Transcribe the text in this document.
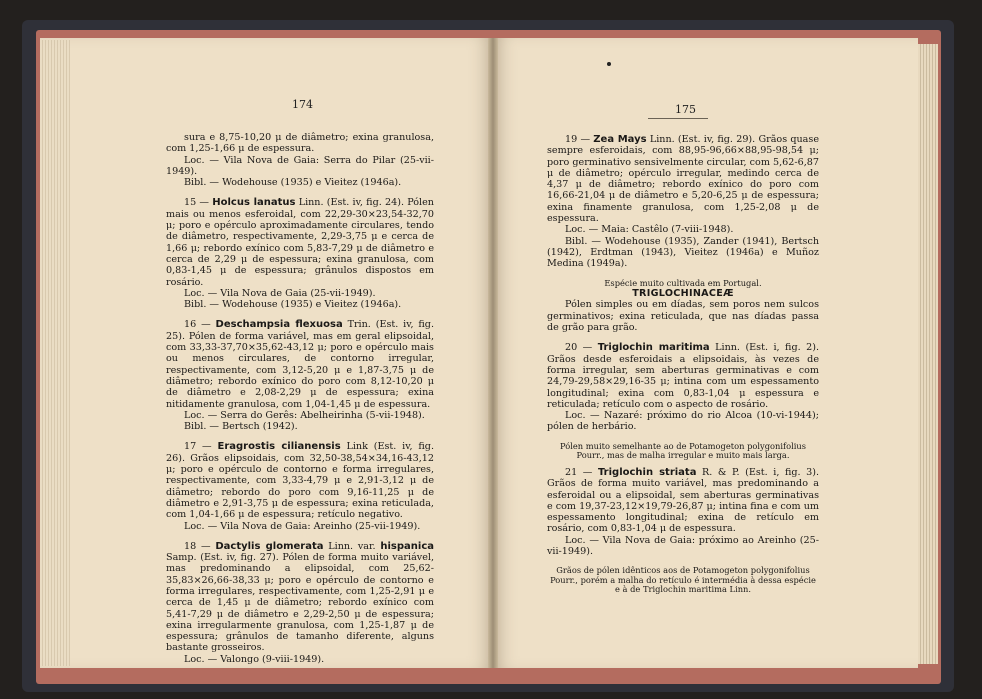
174	175

sura e 8,75-10,20 μ de diâmetro; exina granulosa, com 1,25-1,66 μ de espessura.

Loc. — Vila Nova de Gaia: Serra do Pilar (25-vii-1949).

Bibl. — Wodehouse (1935) e Vieitez (1946a).

15 — Holcus lanatus Linn. (Est. iv, fig. 24). Pólen mais ou menos esferoidal, com 22,29-30×23,54-32,70 μ; poro e opérculo aproximadamente circulares, tendo de diâmetro, respectivamente, 2,29-3,75 μ e cerca de 1,66 μ; rebordo exínico com 5,83-7,29 μ de diâmetro e cerca de 2,29 μ de espessura; exina granulosa, com 0,83-1,45 μ de espessura; grânulos dispostos em rosário.

Loc. — Vila Nova de Gaia (25-vii-1949).

Bibl. — Wodehouse (1935) e Vieitez (1946a).

16 — Deschampsia flexuosa Trin. (Est. iv, fig. 25). Pólen de forma variável, mas em geral elipsoidal, com 33,33-37,70×35,62-43,12 μ; poro e opérculo mais ou menos circulares, de contorno irregular, respectivamente, com 3,12-5,20 μ e 1,87-3,75 μ de diâmetro; rebordo exínico do poro com 8,12-10,20 μ de diâmetro e 2,08-2,29 μ de espessura; exina nitidamente granulosa, com 1,04-1,45 μ de espessura.

Loc. — Serra do Gerês: Abelheirinha (5-vii-1948).

Bibl. — Bertsch (1942).

17 — Eragrostis cilianensis Link (Est. iv, fig. 26). Grãos elipsoidais, com 32,50-38,54×34,16-43,12 μ; poro e opérculo de contorno e forma irregulares, respectivamente, com 3,33-4,79 μ e 2,91-3,12 μ de diâmetro; rebordo do poro com 9,16-11,25 μ de diâmetro e 2,91-3,75 μ de espessura; exina reticulada, com 1,04-1,66 μ de espessura; retículo negativo.

Loc. — Vila Nova de Gaia: Areinho (25-vii-1949).

18 — Dactylis glomerata Linn. var. hispanica Samp. (Est. iv, fig. 27). Pólen de forma muito variável, mas predominando a elipsoidal, com 25,62-35,83×26,66-38,33 μ; poro e opérculo de contorno e forma irregulares, respectivamente, com 1,25-2,91 μ e cerca de 1,45 μ de diâmetro; rebordo exínico com 5,41-7,29 μ de diâmetro e 2,29-2,50 μ de espessura; exina irregularmente granulosa, com 1,25-1,87 μ de espessura; grânulos de tamanho diferente, alguns bastante grosseiros.

Loc. — Valongo (9-viii-1949).

19 — Zea Mays Linn. (Est. iv, fig. 29). Grãos quase sempre esferoidais, com 88,95-96,66×88,95-98,54 μ; poro germinativo sensivelmente circular, com 5,62-6,87 μ de diâmetro; opérculo irregular, medindo cerca de 4,37 μ de diâmetro; rebordo exínico do poro com 16,66-21,04 μ de diâmetro e 5,20-6,25 μ de espessura; exina finamente granulosa, com 1,25-2,08 μ de espessura.

Loc. — Maia: Castêlo (7-viii-1948).

Bibl. — Wodehouse (1935), Zander (1941), Bertsch (1942), Erdtman (1943), Vieitez (1946a) e Muñoz Medina (1949a).

Espécie muito cultivada em Portugal.

TRIGLOCHINACEÆ

Pólen simples ou em díadas, sem poros nem sulcos germinativos; exina reticulada, que nas díadas passa de grão para grão.

20 — Triglochin maritima Linn. (Est. i, fig. 2). Grãos desde esferoidais a elipsoidais, às vezes de forma irregular, sem aberturas germinativas e com 24,79-29,58×29,16-35 μ; intina com um espessamento longitudinal; exina com 0,83-1,04 μ espessura e reticulada; retículo com o aspecto de rosário.

Loc. — Nazaré: próximo do rio Alcoa (10-vi-1944); pólen de herbário.

Pólen muito semelhante ao de Potamogeton polygonifolius Pourr., mas de malha irregular e muito mais larga.

21 — Triglochin striata R. & P. (Est. i, fig. 3). Grãos de forma muito variável, mas predominando a esferoidal ou a elipsoidal, sem aberturas germinativas e com 19,37-23,12×19,79-26,87 μ; intina fina e com um espessamento longitudinal; exina de retículo em rosário, com 0,83-1,04 μ de espessura.

Loc. — Vila Nova de Gaia: próximo ao Areinho (25-vii-1949).

Grãos de pólen idênticos aos de Potamogeton polygonifolius Pourr., porém a malha do retículo é intermédia à dessa espécie e à de Triglochin maritima Linn.
